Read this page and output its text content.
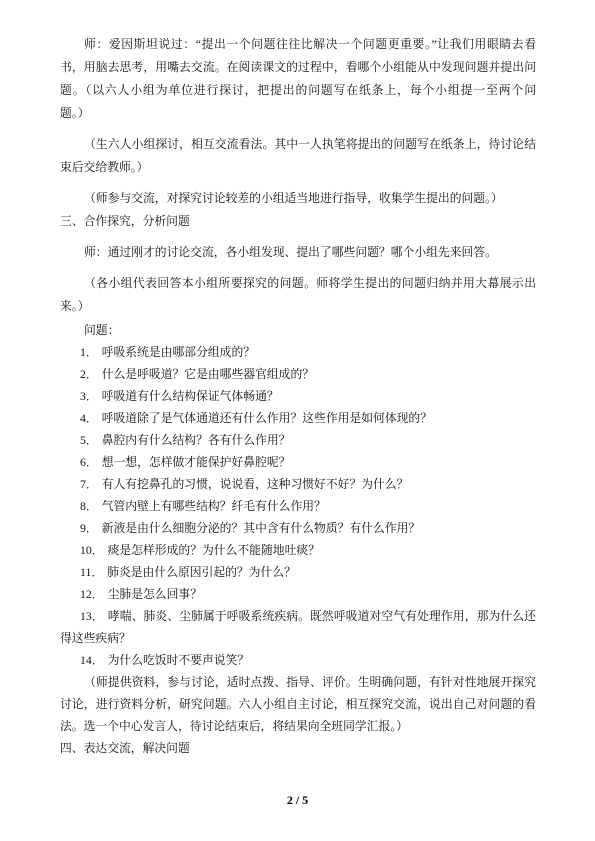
师：爱因斯坦说过：“提出一个问题往往比解决一个问题更重要。”让我们用眼睛去看
书，用脑去思考，用嘴去交流。在阅读课文的过程中，看哪个小组能从中发现问题并提出问
题。（以六人小组为单位进行探讨，把提出的问题写在纸条上，每个小组提一至两个问
题。）
（生六人小组探讨，相互交流看法。其中一人执笔将提出的问题写在纸条上，待讨论结
束后交给教师。）
（师参与交流，对探究讨论较差的小组适当地进行指导，收集学生提出的问题。）
三、合作探究，分析问题
师：通过刚才的讨论交流，各小组发现、提出了哪些问题？哪个小组先来回答。
（各小组代表回答本小组所要探究的问题。师将学生提出的问题归纳并用大幕展示出
来。）
问题：
1． 呼吸系统是由哪部分组成的？
2． 什么是呼吸道？它是由哪些器官组成的？
3． 呼吸道有什么结构保证气体畅通？
4． 呼吸道除了是气体通道还有什么作用？这些作用是如何体现的？
5． 鼻腔内有什么结构？各有什么作用？
6． 想一想，怎样做才能保护好鼻腔呢？
7． 有人有挖鼻孔的习惯，说说看，这种习惯好不好？为什么？
8． 气管内壁上有哪些结构？纤毛有什么作用？
9． 新液是由什么细胞分泌的？其中含有什么物质？有什么作用？
10． 痰是怎样形成的？为什么不能随地吐痰？
11． 肺炎是由什么原因引起的？为什么？
12． 尘肺是怎么回事？
13． 哮喘、肺炎、尘肺属于呼吸系统疾病。既然呼吸道对空气有处理作用，那为什么还
得这些疾病？
14． 为什么吃饭时不要声说笑？
（师提供资料，参与讨论，适时点拨、指导、评价。生明确问题，有针对性地展开探究
讨论，进行资料分析，研究问题。六人小组自主讨论，相互探究交流，说出自己对问题的看
法。选一个中心发言人，待讨论结束后，将结果向全班同学汇报。）
四、表达交流，解决问题
2 / 5
